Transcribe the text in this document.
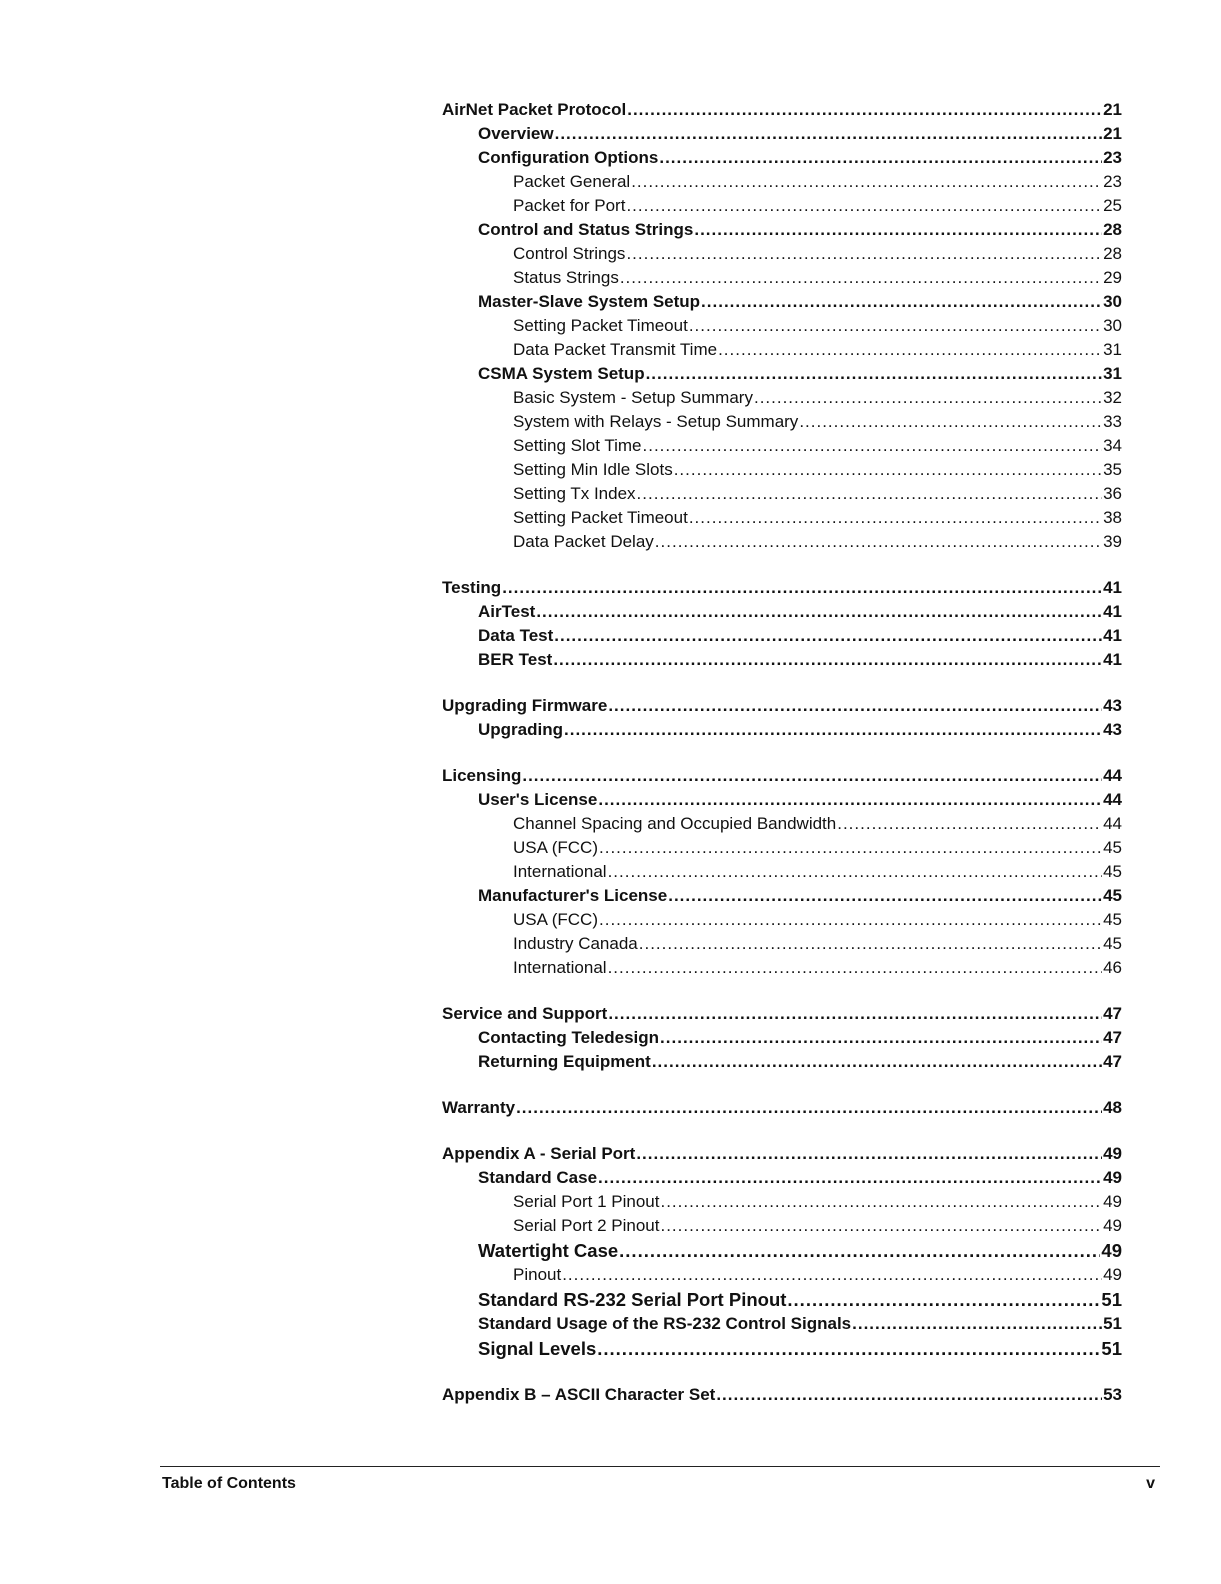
AirNet Packet Protocol .....	21
Overview .....	21
Configuration Options .....	23
Packet General .....	23
Packet for Port .....	25
Control and Status Strings .....	28
Control Strings .....	28
Status Strings .....	29
Master-Slave System Setup .....	30
Setting Packet Timeout .....	30
Data Packet Transmit Time .....	31
CSMA System Setup .....	31
Basic System - Setup Summary .....	32
System with Relays - Setup Summary .....	33
Setting Slot Time .....	34
Setting Min Idle Slots .....	35
Setting Tx Index .....	36
Setting Packet Timeout .....	38
Data Packet Delay .....	39
Testing .....	41
AirTest .....	41
Data Test .....	41
BER Test .....	41
Upgrading Firmware .....	43
Upgrading .....	43
Licensing .....	44
User's License .....	44
Channel Spacing and Occupied Bandwidth .....	44
USA (FCC) .....	45
International .....	45
Manufacturer's License .....	45
USA (FCC) .....	45
Industry Canada .....	45
International .....	46
Service and Support .....	47
Contacting Teledesign .....	47
Returning Equipment .....	47
Warranty .....	48
Appendix A - Serial Port .....	49
Standard Case .....	49
Serial Port 1 Pinout .....	49
Serial Port 2 Pinout .....	49
Watertight Case .....	49
Pinout .....	49
Standard RS-232 Serial Port Pinout .....	51
Standard Usage of the RS-232 Control Signals .....	51
Signal Levels .....	51
Appendix B – ASCII Character Set .....	53
Table of Contents	v
